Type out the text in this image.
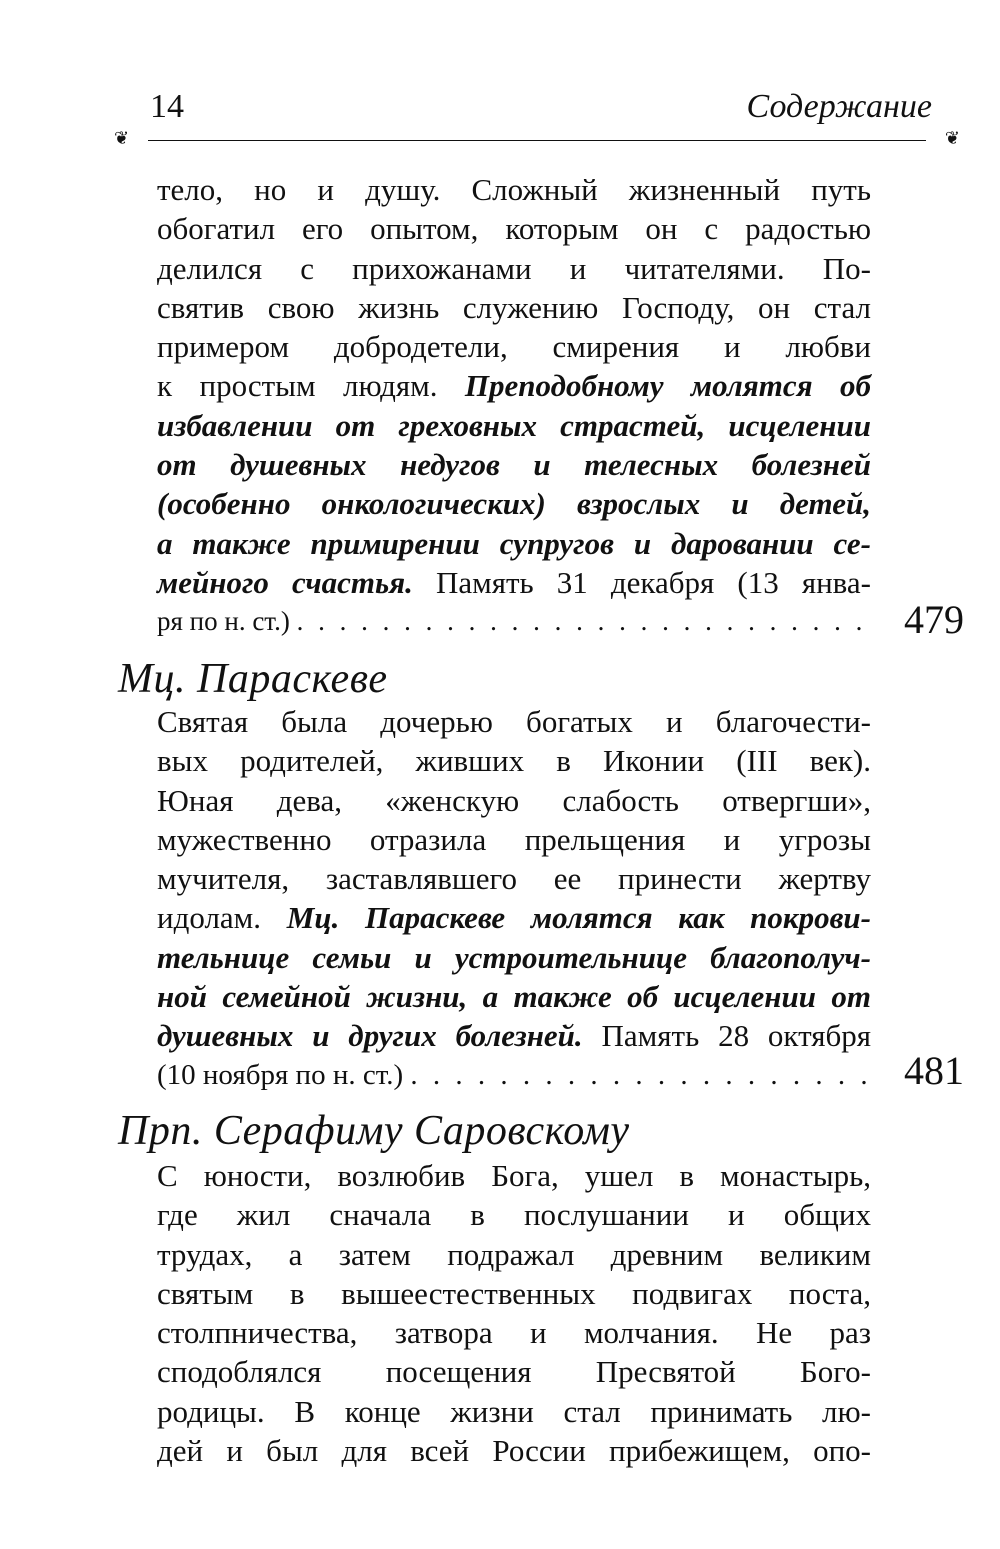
14	Содержание
❦	❦
тело, но и душу. Сложный жизненный путь
обогатил его опытом, которым он с радостью
делился с прихожанами и читателями. По-
святив свою жизнь служению Господу, он стал
примером добродетели, смирения и любви
к простым людям. Преподобному молятся об
избавлении от греховных страстей, исцелении
от душевных недугов и телесных болезней
(особенно онкологических) взрослых и детей,
а также примирении супругов и даровании се-
мейного счастья. Память 31 декабря (13 янва-
ря по н. ст.) . . . . . . . . . . . . . . . . . . . . . . . . . . . 479
Мц. Параскеве
Святая была дочерью богатых и благочести-
вых родителей, живших в Иконии (III век).
Юная дева, «женскую слабость отвергши»,
мужественно отразила прельщения и угрозы
мучителя, заставлявшего ее принести жертву
идолам. Мц. Параскеве молятся как покрови-
тельнице семьи и устроительнице благополуч-
ной семейной жизни, а также об исцелении от
душевных и других болезней. Память 28 октября
(10 ноября по н. ст.) . . . . . . . . . . . . . . . . . . . . . 481
Прп. Серафиму Саровскому
С юности, возлюбив Бога, ушел в монастырь,
где жил сначала в послушании и общих
трудах, а затем подражал древним великим
святым в вышеестественных подвигах поста,
столпничества, затвора и молчания. Не раз
сподоблялся посещения Пресвятой Бого-
родицы. В конце жизни стал принимать лю-
дей и был для всей России прибежищем, опо-
